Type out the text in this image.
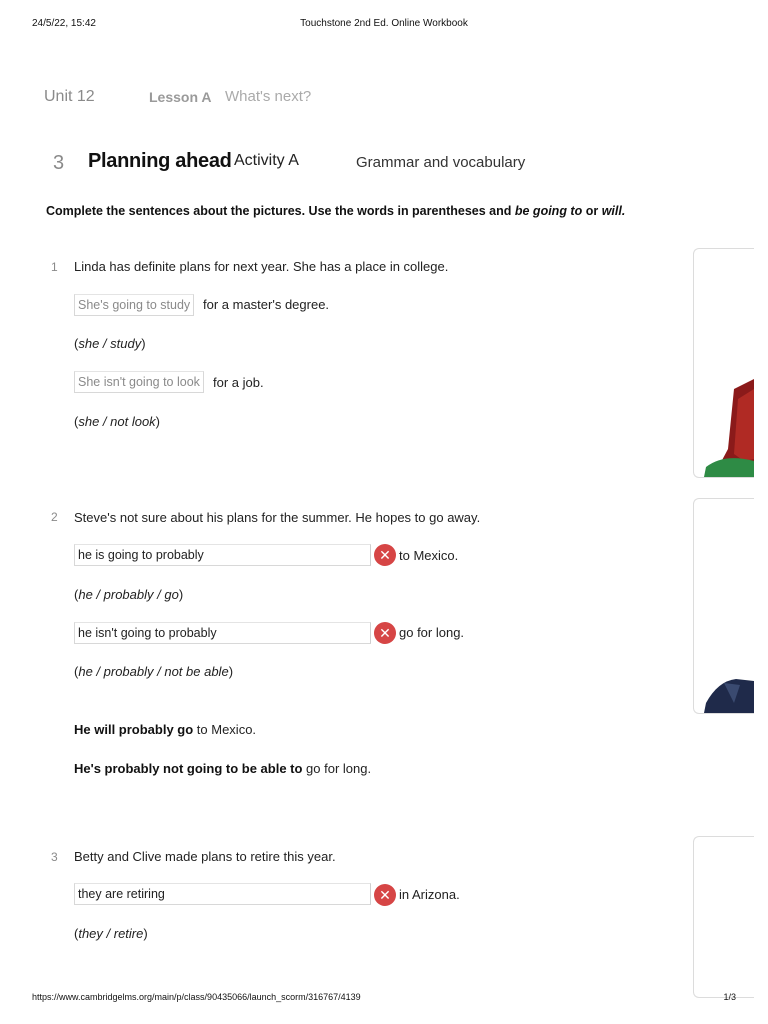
24/5/22, 15:42	Touchstone 2nd Ed. Online Workbook
Unit 12	Lesson A What's next?
3 Planning ahead Activity A	Grammar and vocabulary
Complete the sentences about the pictures. Use the words in parentheses and be going to or will.
1 Linda has definite plans for next year. She has a place in college.
She's going to study for a master's degree.
(she / study)
She isn't going to look	for a job.
(she / not look)
2 Steve's not sure about his plans for the summer. He hopes to go away.
he is going to probably	✕ to Mexico.
(he / probably / go)
he isn't going to probably	✕ go for long.
(he / probably / not be able)
He will probably go to Mexico.
He's probably not going to be able to go for long.
3 Betty and Clive made plans to retire this year.
they are retiring	✕ in Arizona.
(they / retire)
https://www.cambridgelms.org/main/p/class/90435066/launch_scorm/316767/4139	1/3
